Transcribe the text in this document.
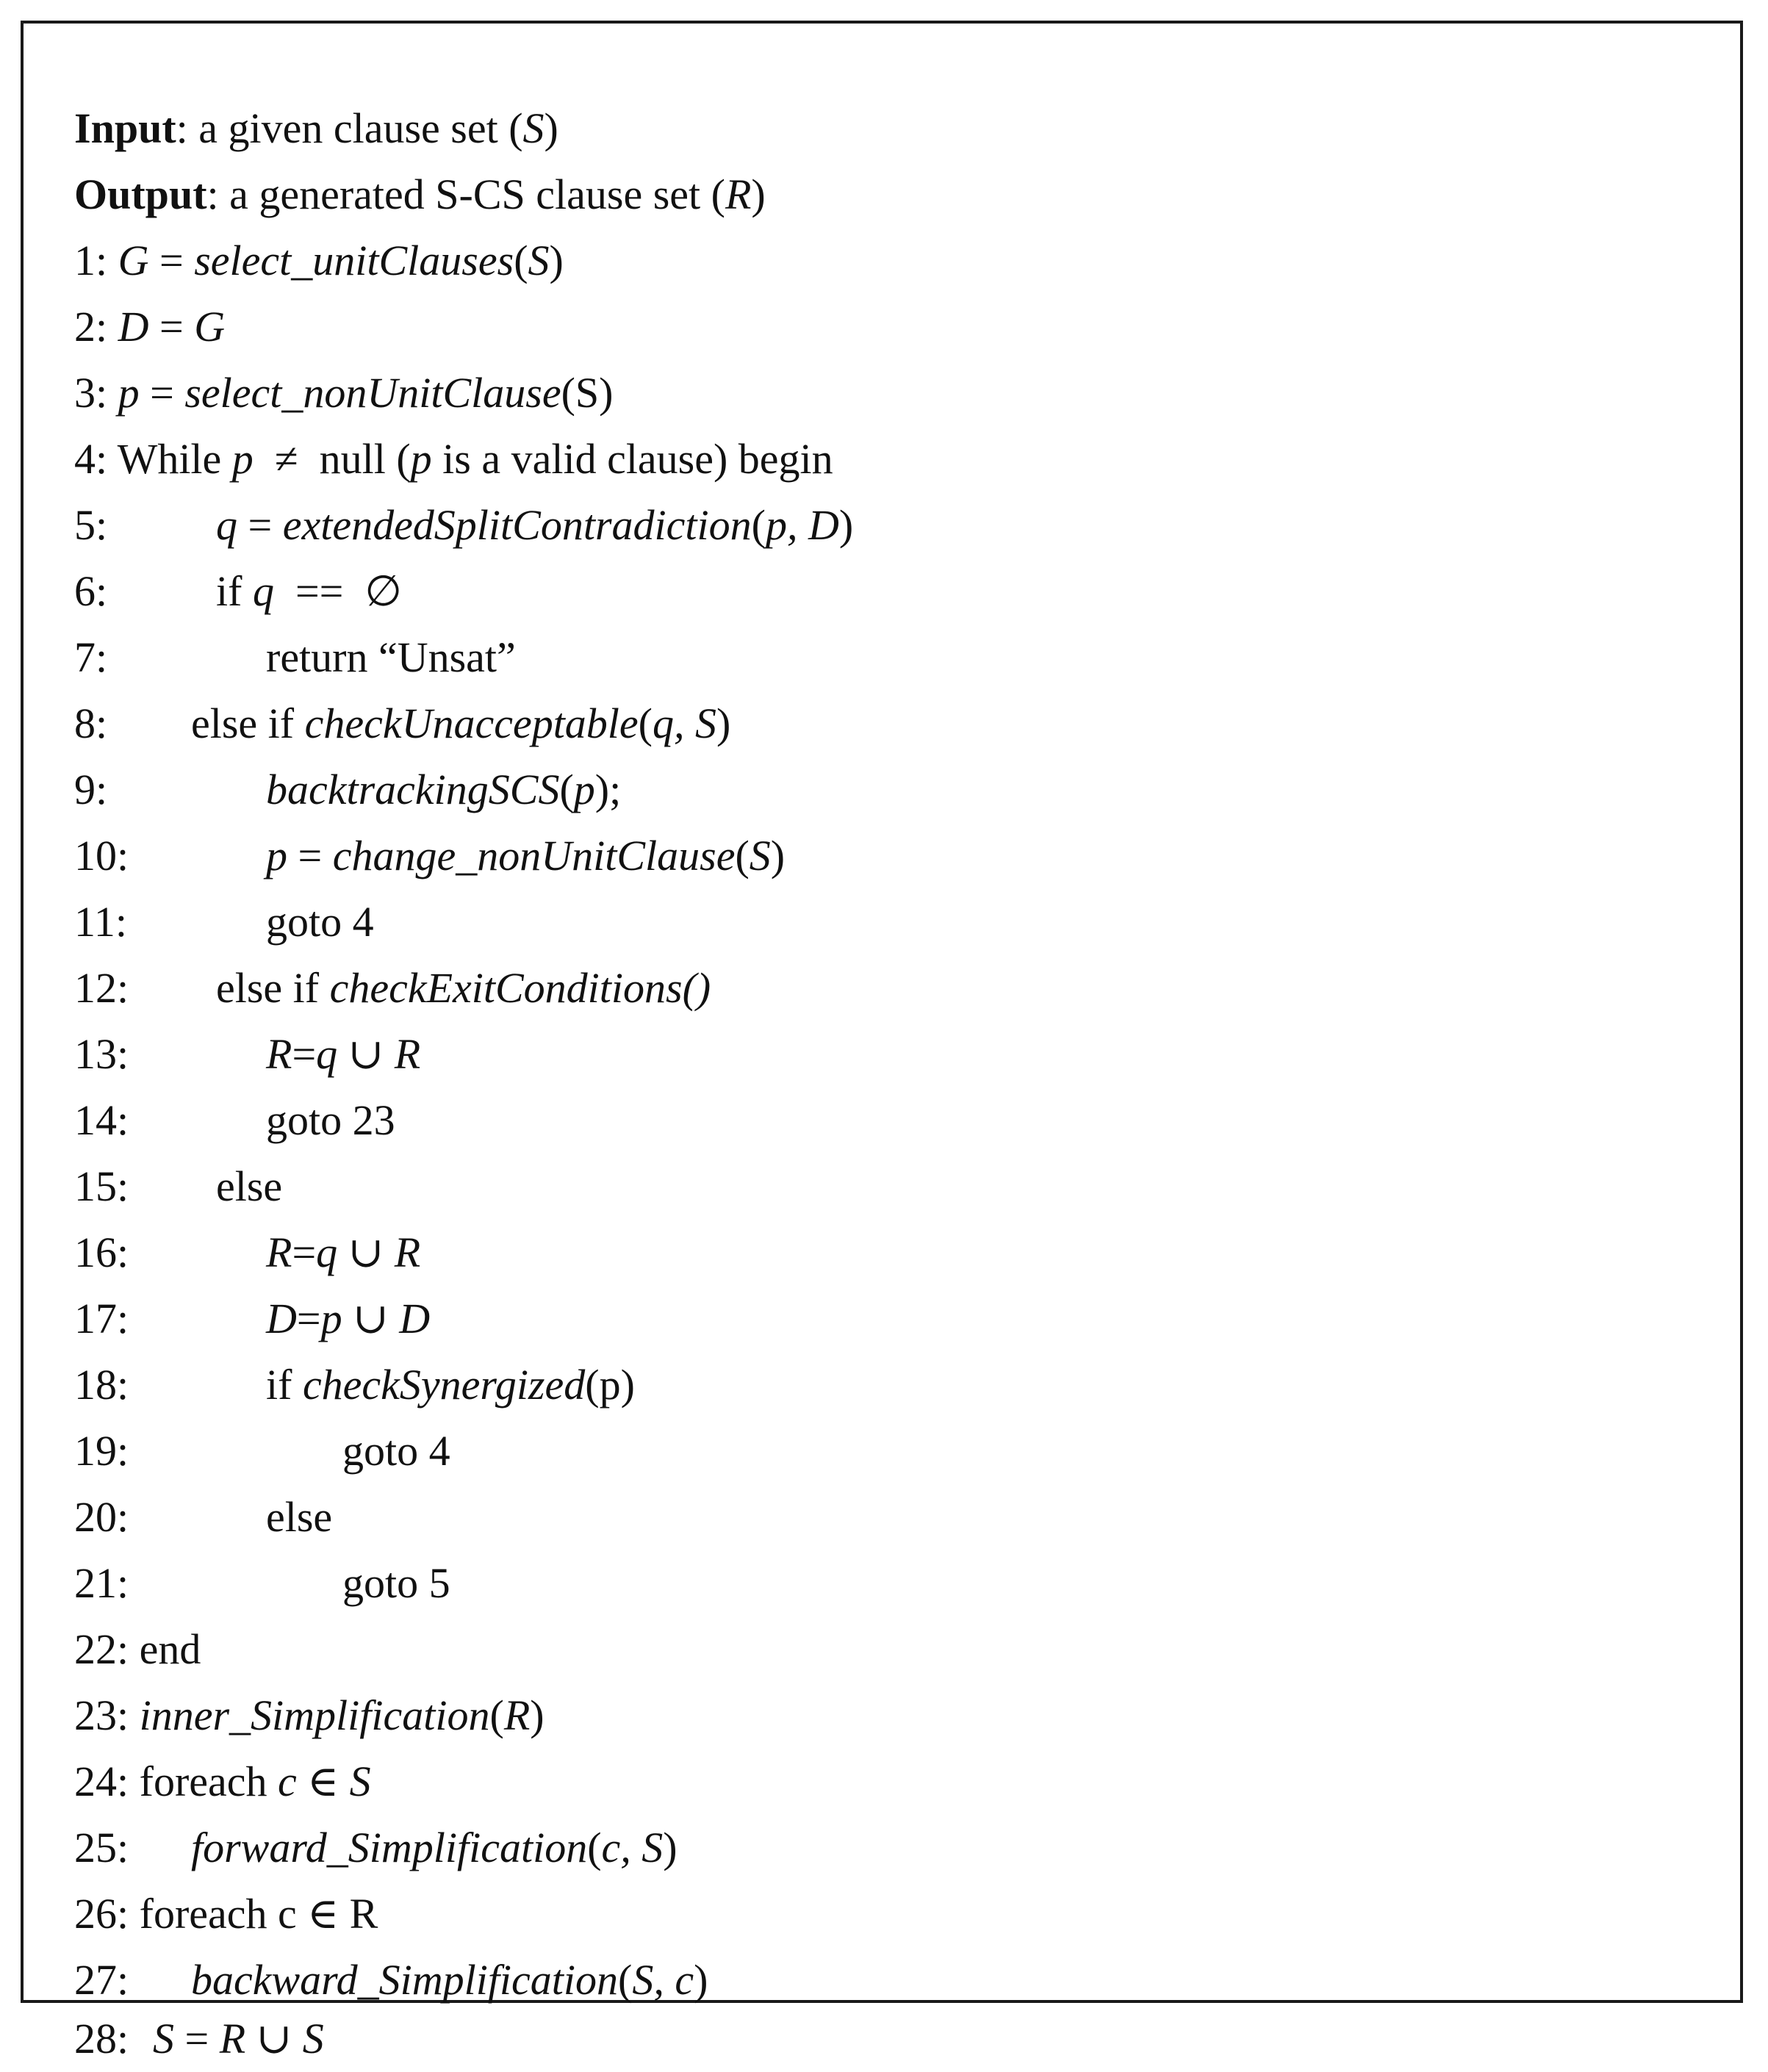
Input: a given clause set (S)

Output: a generated S-CS clause set (R)

1: G = select_unitClauses(S)

2: D = G

3: p = select_nonUnitClause(S)

4: While p  ≠  null (p is a valid clause) begin

5:	q = extendedSplitContradiction(p, D)

6:	if q  ==  ∅

7:	return “Unsat”

8: else if checkUnacceptable(q, S)

9:	backtrackingSCS(p);

10:	p = change_nonUnitClause(S)

11:	goto 4

12: else if checkExitConditions()

13:	R=q ∪ R

14:	goto 23

15: else

16:	R=q ∪ R

17:	D=p ∪ D

18:	if checkSynergized(p)

19:	goto 4

20:	else

21:	goto 5

22: end

23: inner_Simplification(R)

24: foreach c ∈ S

25: forward_Simplification(c, S)

26: foreach c ∈ R

27: backward_Simplification(S, c)

28: S = R ∪ S
